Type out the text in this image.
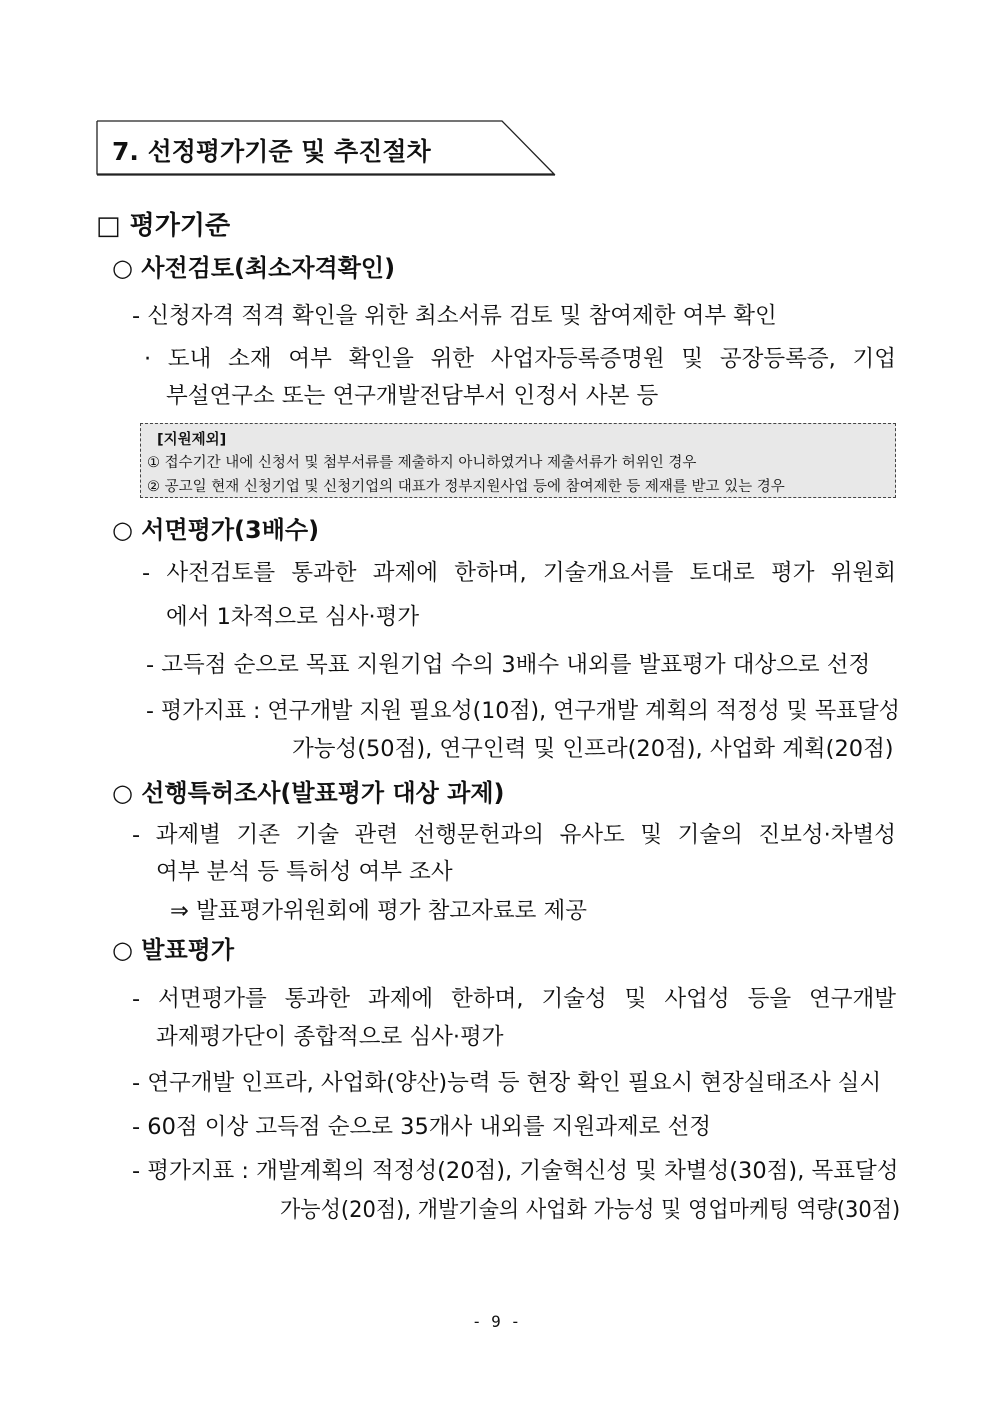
7. 선정평가기준 및 추진절차
□ 평가기준
○ 사전검토(최소자격확인)
- 신청자격 적격 확인을 위한 최소서류 검토 및 참여제한 여부 확인
· 도내 소재 여부 확인을 위한 사업자등록증명원 및 공장등록증, 기업
부설연구소 또는 연구개발전담부서 인정서 사본 등
[지원제외]
① 접수기간 내에 신청서 및 첨부서류를 제출하지 아니하였거나 제출서류가 허위인 경우
② 공고일 현재 신청기업 및 신청기업의 대표가 정부지원사업 등에 참여제한 등 제재를 받고 있는 경우
○ 서면평가(3배수)
- 사전검토를 통과한 과제에 한하며, 기술개요서를 토대로 평가 위원회
에서 1차적으로 심사·평가
- 고득점 순으로 목표 지원기업 수의 3배수 내외를 발표평가 대상으로 선정
- 평가지표 : 연구개발 지원 필요성(10점), 연구개발 계획의 적정성 및 목표달성
가능성(50점), 연구인력 및 인프라(20점), 사업화 계획(20점)
○ 선행특허조사(발표평가 대상 과제)
- 과제별 기존 기술 관련 선행문헌과의 유사도 및 기술의 진보성·차별성
여부 분석 등 특허성 여부 조사
⇒ 발표평가위원회에 평가 참고자료로 제공
○ 발표평가
- 서면평가를 통과한 과제에 한하며, 기술성 및 사업성 등을 연구개발
과제평가단이 종합적으로 심사·평가
- 연구개발 인프라, 사업화(양산)능력 등 현장 확인 필요시 현장실태조사 실시
- 60점 이상 고득점 순으로 35개사 내외를 지원과제로 선정
- 평가지표 : 개발계획의 적정성(20점), 기술혁신성 및 차별성(30점), 목표달성
가능성(20점), 개발기술의 사업화 가능성 및 영업마케팅 역량(30점)
- 9 -
